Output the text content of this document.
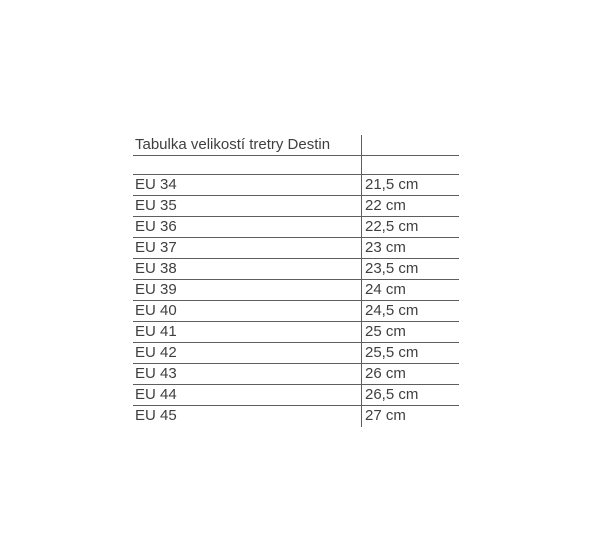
Tabulka velikostí tretry Destin
EU 34	21,5 cm
EU 35	22 cm
EU 36	22,5 cm
EU 37	23 cm
EU 38	23,5 cm
EU 39	24 cm
EU 40	24,5 cm
EU 41	25 cm
EU 42	25,5 cm
EU 43	26 cm
EU 44	26,5 cm
EU 45	27 cm
